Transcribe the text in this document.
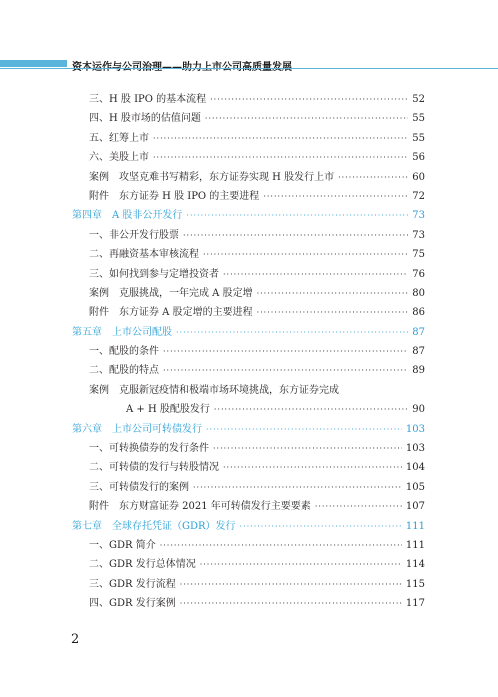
三、H 股 IPO 的基本流程 ·····	52
四、H 股市场的估值问题 ·····	55
五、红筹上市 ·····	55
六、美股上市 ·····	56
案例　攻坚克难书写精彩，东方证券实现 H 股发行上市 ·····	60
附件　东方证券 H 股 IPO 的主要进程 ·····	72
第四章　A 股非公开发行 ·····	73
一、非公开发行股票 ·····	73
二、再融资基本审核流程 ·····	75
三、如何找到参与定增投资者 ·····	76
案例　克服挑战，一年完成 A 股定增 ·····	80
附件　东方证券 A 股定增的主要进程 ·····	86
第五章　上市公司配股 ·····	87
一、配股的条件 ·····	87
二、配股的特点 ·····	89
案例　克服新冠疫情和极端市场环境挑战，东方证券完成
A + H 股配股发行 ·····	90
第六章　上市公司可转债发行 ·····	103
一、可转换债券的发行条件 ·····	103
二、可转债的发行与转股情况 ·····	104
三、可转债发行的案例 ·····	105
附件　东方财富证券 2021 年可转债发行主要要素 ·····	107
第七章　全球存托凭证（GDR）发行 ·····	111
一、GDR 简介 ·····	111
二、GDR 发行总体情况 ·····	114
三、GDR 发行流程 ·····	115
四、GDR 发行案例 ·····	117
2
